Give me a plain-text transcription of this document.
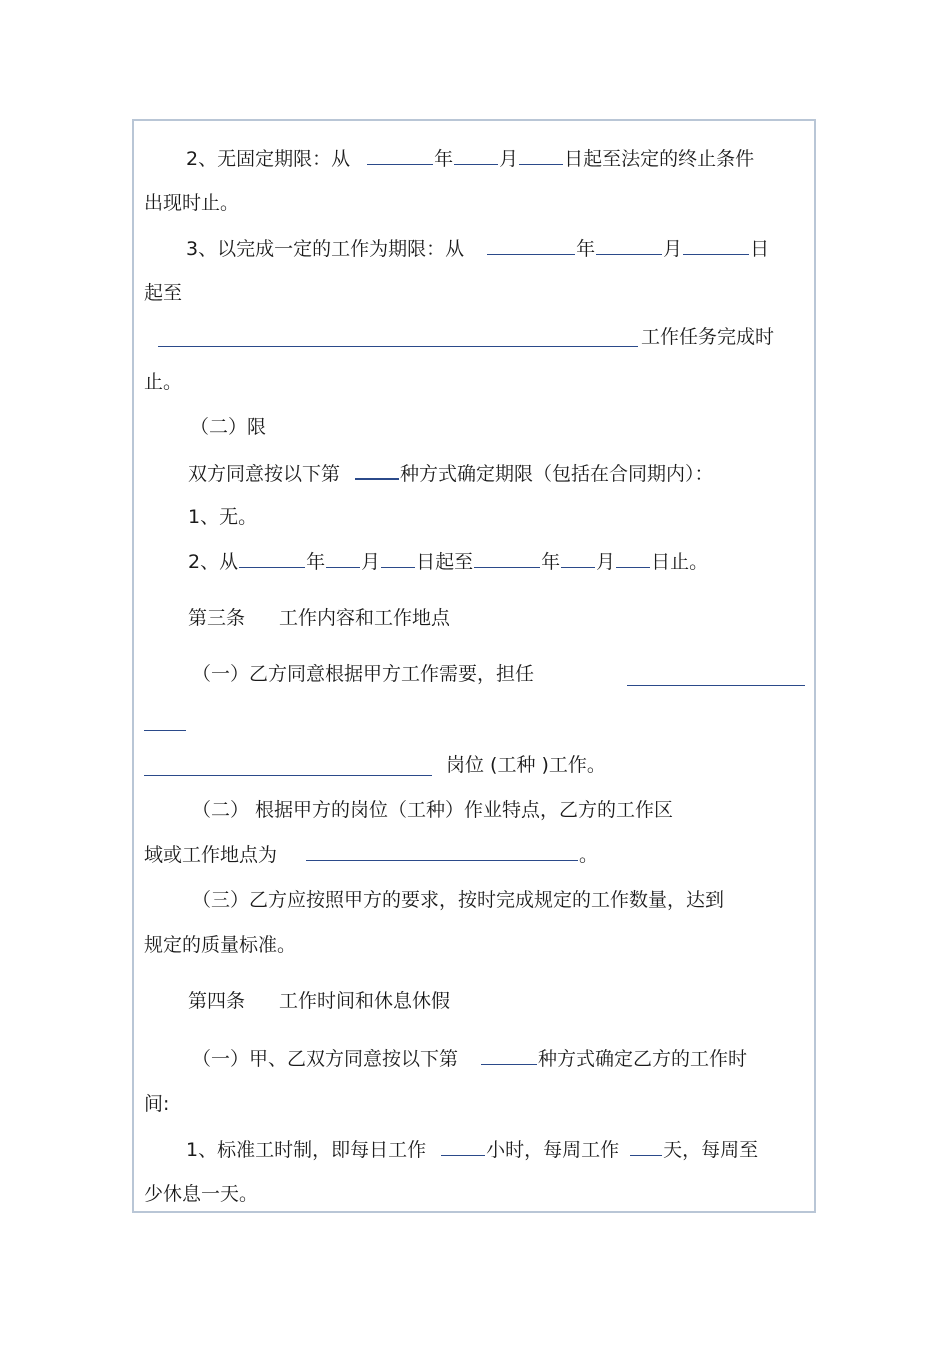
2、无固定期限：从	年 月 日起至法定的终止条件
出现时止。
3、以完成一定的工作为期限：从	年	月	日
起至
工作任务完成时
止。
（二）限
双方同意按以下第	种方式确定期限（包括在合同期内）：
1、无。
2、从	年 月 日起至	年 月 日止。
第三条 工作内容和工作地点
（一）乙方同意根据甲方工作需要，担任
岗位 (工种 )工作。
（二） 根据甲方的岗位（工种）作业特点，乙方的工作区
域或工作地点为	。
（三）乙方应按照甲方的要求，按时完成规定的工作数量，达到
规定的质量标准。
第四条 工作时间和休息休假
（一）甲、乙双方同意按以下第	种方式确定乙方的工作时
间:
1、标准工时制，即每日工作	小时，每周工作 天，每周至
少休息一天。
